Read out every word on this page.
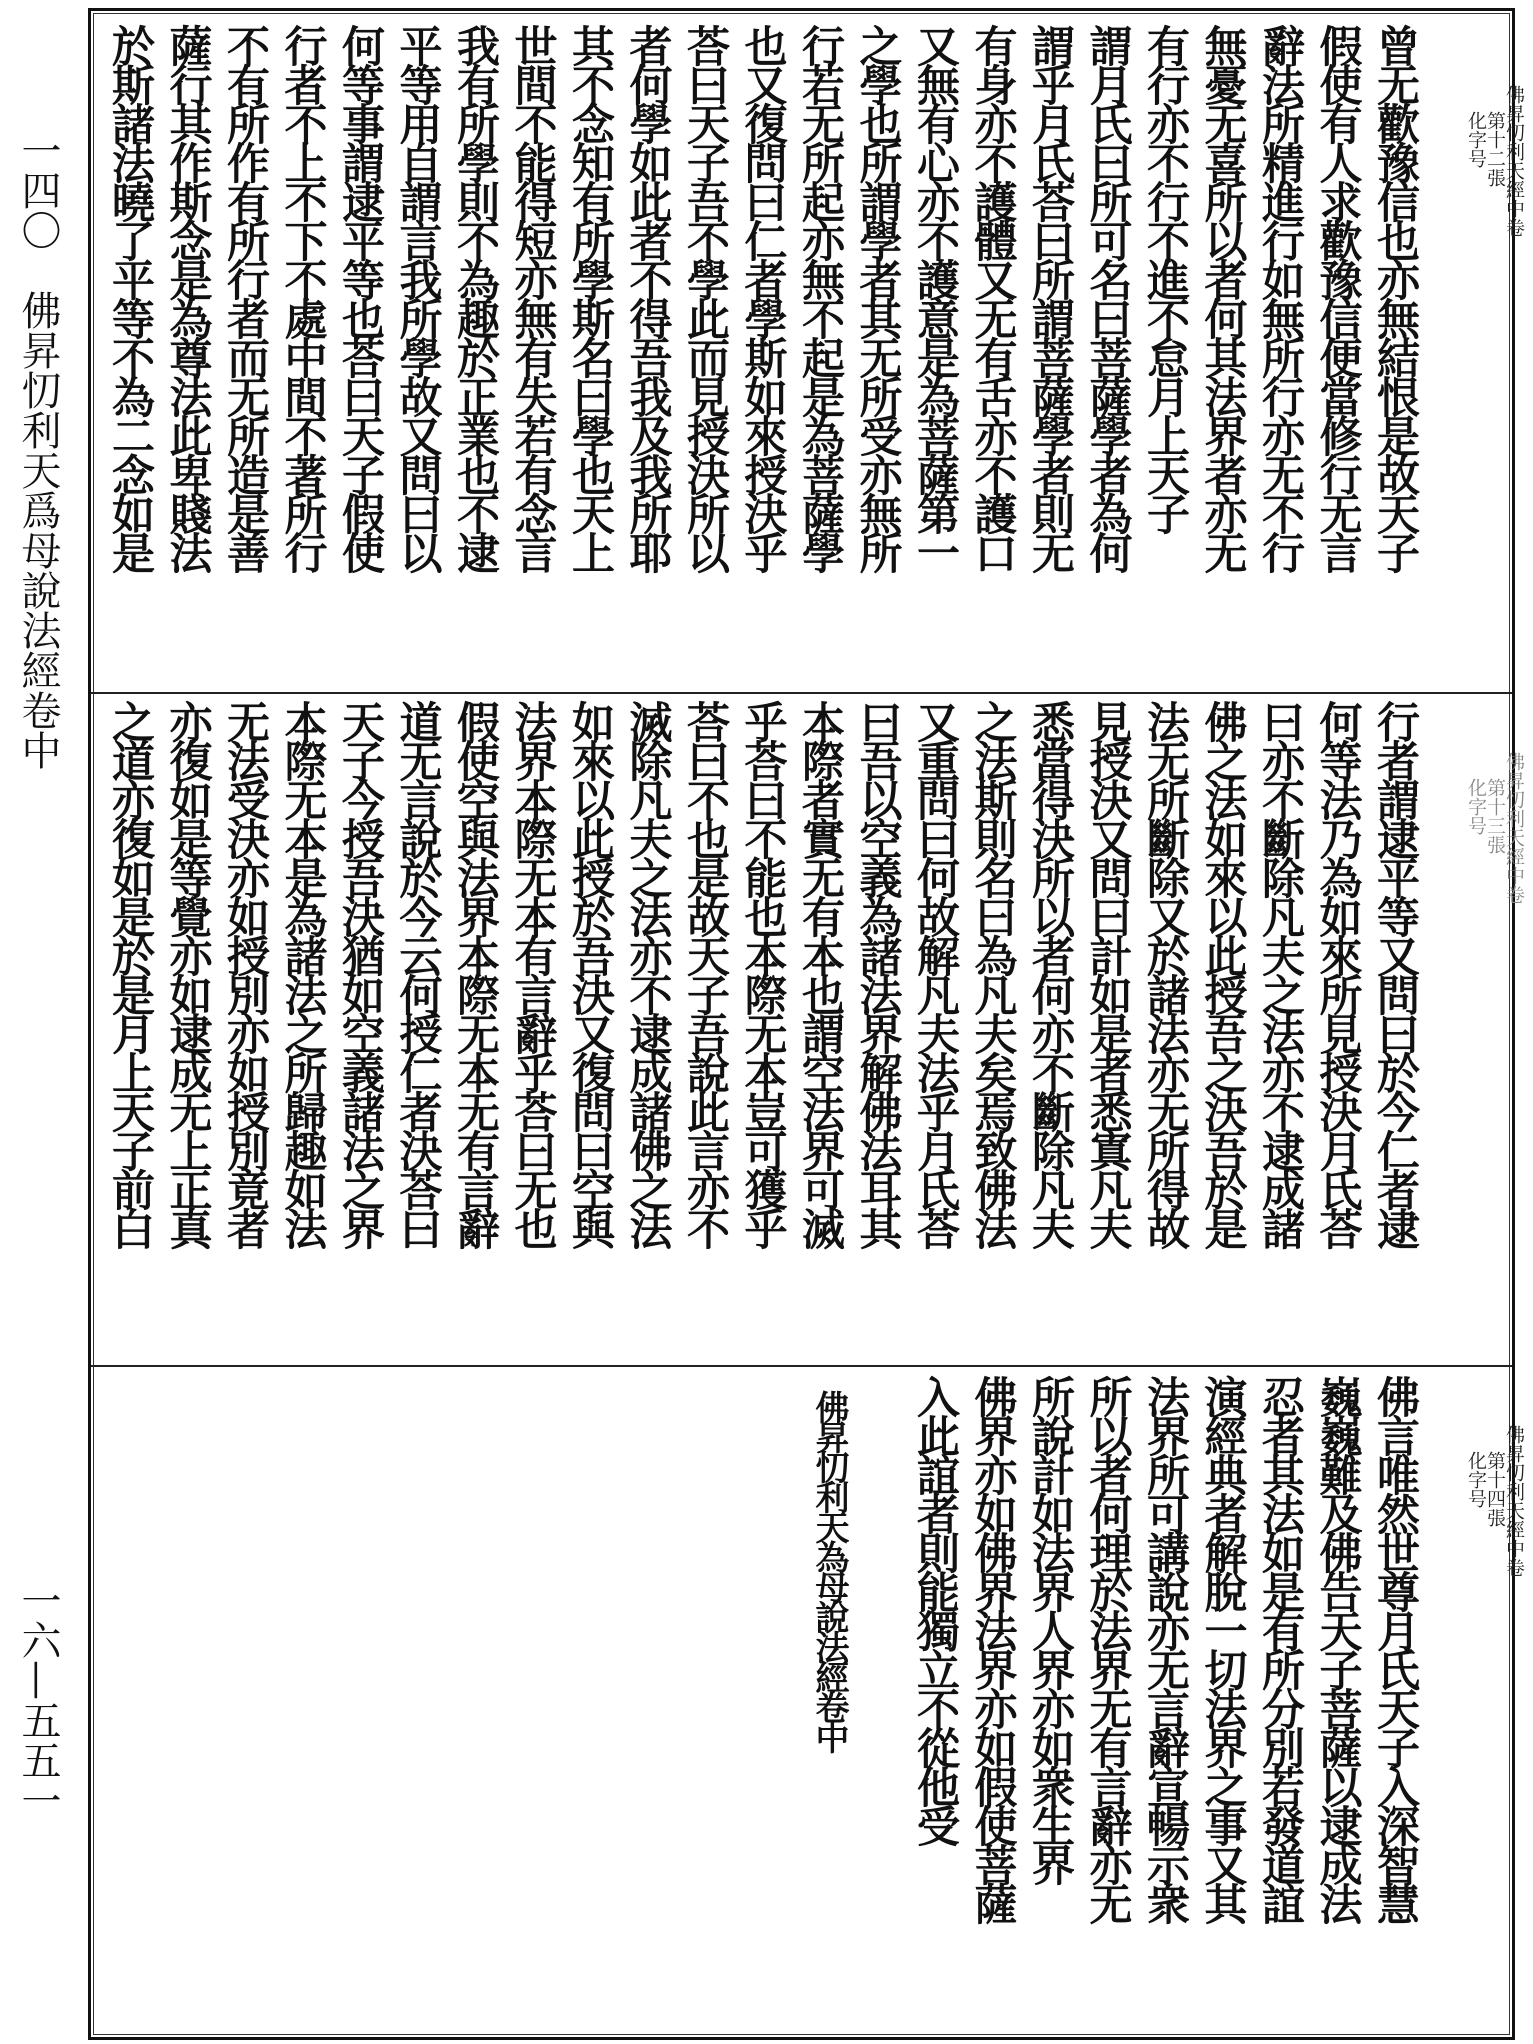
一四〇
佛昇忉利天爲母說法經
卷中
一六—五五一
佛昇忉利天經中卷
第十二張
化字号
曾无歡豫信也亦無結恨是故天子
假使有人求歡豫信便當修行无言
辭法所精進行如無所行亦无不行
無憂无喜所以者何其法界者亦无
有行亦不行不進不怠月上天子
謂月氏曰所可名曰菩薩學者為何
謂乎月氏荅曰所謂菩薩學者則无
有身亦不護體又无有舌亦不護口
又無有心亦不護意是為菩薩第一
之學也所謂學者其无所受亦無所
行若无所起亦無不起是為菩薩學
也又復問曰仁者學斯如來授決乎
荅曰天子吾不學此而見授決所以
者何學如此者不得吾我及我所耶
其不念知有所學斯名曰學也天上
世間不能得短亦無有失若有念言
我有所學則不為趣於正業也不逮
平等用自謂言我所學故又問曰以
何等事謂逮平等也荅曰天子假使
行者不上不下不處中間不著所行
不有所作有所行者而无所造是善
薩行其作斯念是為尊法此卑賤法
於斯諸法曉了平等不為二念如是
佛昇忉利天經中卷
第十三張
化字号
行者謂逮平等又問曰於今仁者逮
何等法乃為如來所見授決月氏荅
曰亦不斷除凡夫之法亦不逮成諸
佛之法如來以此授吾之決吾於是
法无所斷除又於諸法亦无所得故
見授決又問曰計如是者悉寘凡夫
悉當得決所以者何亦不斷除凡夫
之法斯則名曰為凡夫矣焉致佛法
又重問曰何故解凡夫法乎月氏荅
曰吾以空義為諸法界解佛法耳其
本際者實无有本也謂空法界可滅
乎荅曰不能也本際无本豈可獲乎
荅曰不也是故天子吾說此言亦不
滅除凡夫之法亦不逮成諸佛之法
如來以此授於吾決又復問曰空與
法界本際无本有言辭乎荅曰无也
假使空與法界本際无本无有言辭
道无言說於今云何授仁者決荅曰
天子今授吾決猶如空義諸法之界
本際无本是為諸法之所歸趣如法
无法受決亦如授別亦如授別竟者
亦復如是等覺亦如逮成无上正真
之道亦復如是於是月上天子前白
佛昇忉利天經中卷
第十四張
化字号
佛昇忉利天為母說法經卷中	佛言唯然世尊月氏天子入深智慧
巍巍難及佛告天子菩薩以逮成法
忍者其法如是有所分別若發道誼
演經典者解脫一切法界之事又其
法界所可講說亦无言辭宣暢示衆
所以者何理於法界无有言辭亦无
所說計如法界人界亦如衆生界
佛界亦如佛界法界亦如假使菩薩
入此誼者則能獨立不從他受
